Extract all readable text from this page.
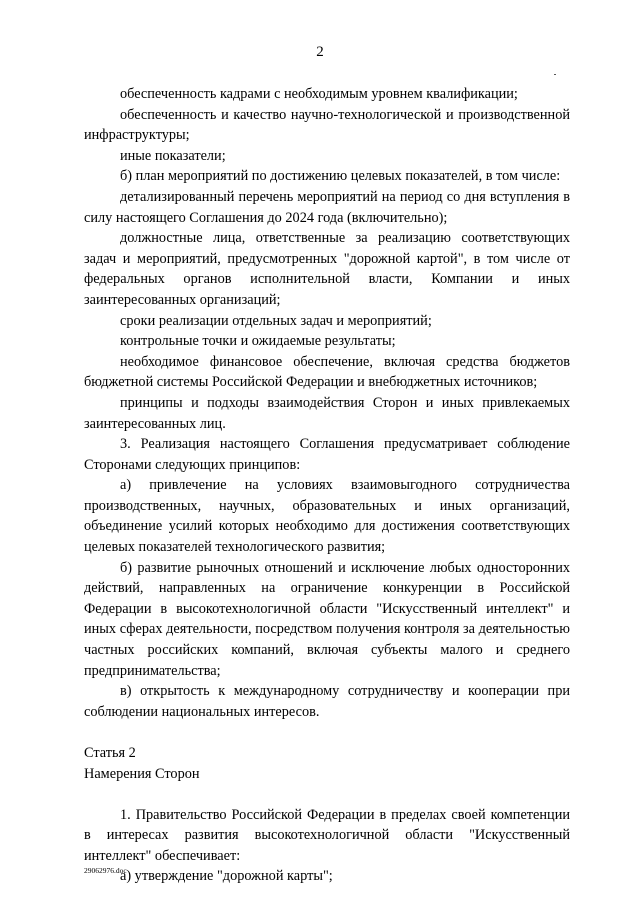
2

обеспеченность кадрами с необходимым уровнем квалификации;

обеспеченность и качество научно-технологической и производственной инфраструктуры;

иные показатели;

б) план мероприятий по достижению целевых показателей, в том числе:

детализированный перечень мероприятий на период со дня вступления в силу настоящего Соглашения до 2024 года (включительно);

должностные лица, ответственные за реализацию соответствующих задач и мероприятий, предусмотренных "дорожной картой", в том числе от федеральных органов исполнительной власти, Компании и иных заинтересованных организаций;

сроки реализации отдельных задач и мероприятий;

контрольные точки и ожидаемые результаты;

необходимое финансовое обеспечение, включая средства бюджетов бюджетной системы Российской Федерации и внебюджетных источников;

принципы и подходы взаимодействия Сторон и иных привлекаемых заинтересованных лиц.

3. Реализация настоящего Соглашения предусматривает соблюдение Сторонами следующих принципов:

а) привлечение на условиях взаимовыгодного сотрудничества производственных, научных, образовательных и иных организаций, объединение усилий которых необходимо для достижения соответствующих целевых показателей технологического развития;

б) развитие рыночных отношений и исключение любых односторонних действий, направленных на ограничение конкуренции в Российской Федерации в высокотехнологичной области "Искусственный интеллект" и иных сферах деятельности, посредством получения контроля за деятельностью частных российских компаний, включая субъекты малого и среднего предпринимательства;

в) открытость к международному сотрудничеству и кооперации при соблюдении национальных интересов.

Статья 2

Намерения Сторон

1. Правительство Российской Федерации в пределах своей компетенции в интересах развития высокотехнологичной области "Искусственный интеллект" обеспечивает:

а) утверждение "дорожной карты";

29062976.doc
